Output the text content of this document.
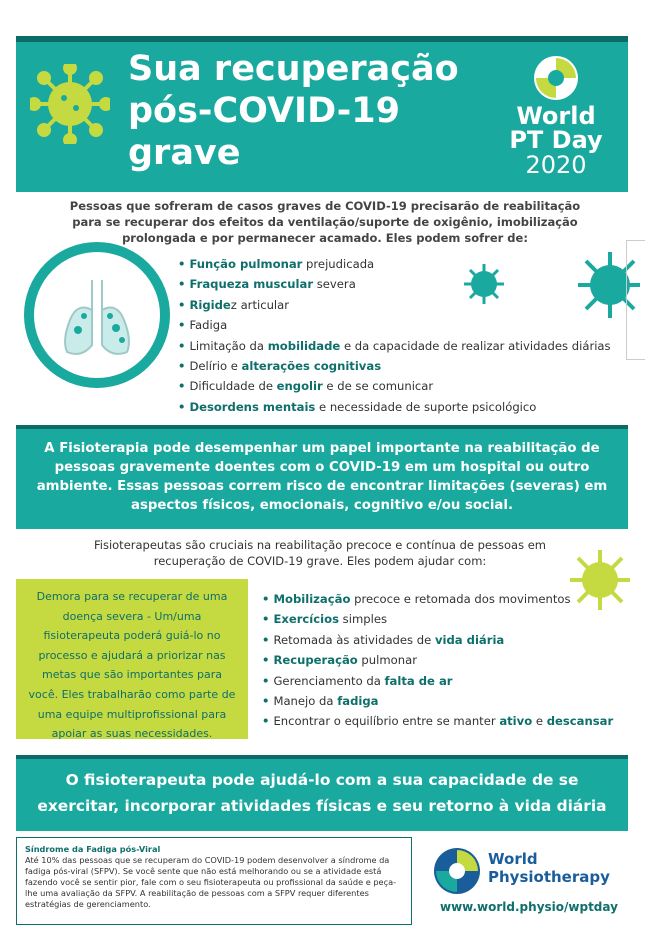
Sua recuperação pós-COVID-19 grave
World
PT Day
2020
Pessoas que sofreram de casos graves de COVID-19 precisarão de reabilitação para se recuperar dos efeitos da ventilação/suporte de oxigênio, imobilização prolongada e por permanecer acamado. Eles podem sofrer de:
• Função pulmonar prejudicada
• Fraqueza muscular severa
• Rigidez articular
• Fadiga
• Limitação da mobilidade e da capacidade de realizar atividades diárias
• Delírio e alterações cognitivas
• Dificuldade de engolir e de se comunicar
• Desordens mentais e necessidade de suporte psicológico

A Fisioterapia pode desempenhar um papel importante na reabilitação de pessoas gravemente doentes com o COVID-19 em um hospital ou outro ambiente. Essas pessoas correm risco de encontrar limitações (severas) em aspectos físicos, emocionais, cognitivo e/ou social.

Fisioterapeutas são cruciais na reabilitação precoce e contínua de pessoas em recuperação de COVID-19 grave. Eles podem ajudar com:

Demora para se recuperar de uma doença severa - Um/uma fisioterapeuta poderá guiá-lo no processo e ajudará a priorizar nas metas que são importantes para você. Eles trabalharão como parte de uma equipe multiprofissional para apoiar as suas necessidades.

• Mobilização precoce e retomada dos movimentos
• Exercícios simples
• Retomada às atividades de vida diária
• Recuperação pulmonar
• Gerenciamento da falta de ar
• Manejo da fadiga
• Encontrar o equilíbrio entre se manter ativo e descansar

O fisioterapeuta pode ajudá-lo com a sua capacidade de se exercitar, incorporar atividades físicas e seu retorno à vida diária

Síndrome da Fadiga pós-Viral
Até 10% das pessoas que se recuperam do COVID-19 podem desenvolver a síndrome da fadiga pós-viral (SFPV). Se você sente que não está melhorando ou se a atividade está fazendo você se sentir pior, fale com o seu fisioterapeuta ou profissional da saúde e peça-lhe uma avaliação da SFPV. A reabilitação de pessoas com a SFPV requer diferentes estratégias de gerenciamento.
World
Physiotherapy
www.world.physio/wptday
